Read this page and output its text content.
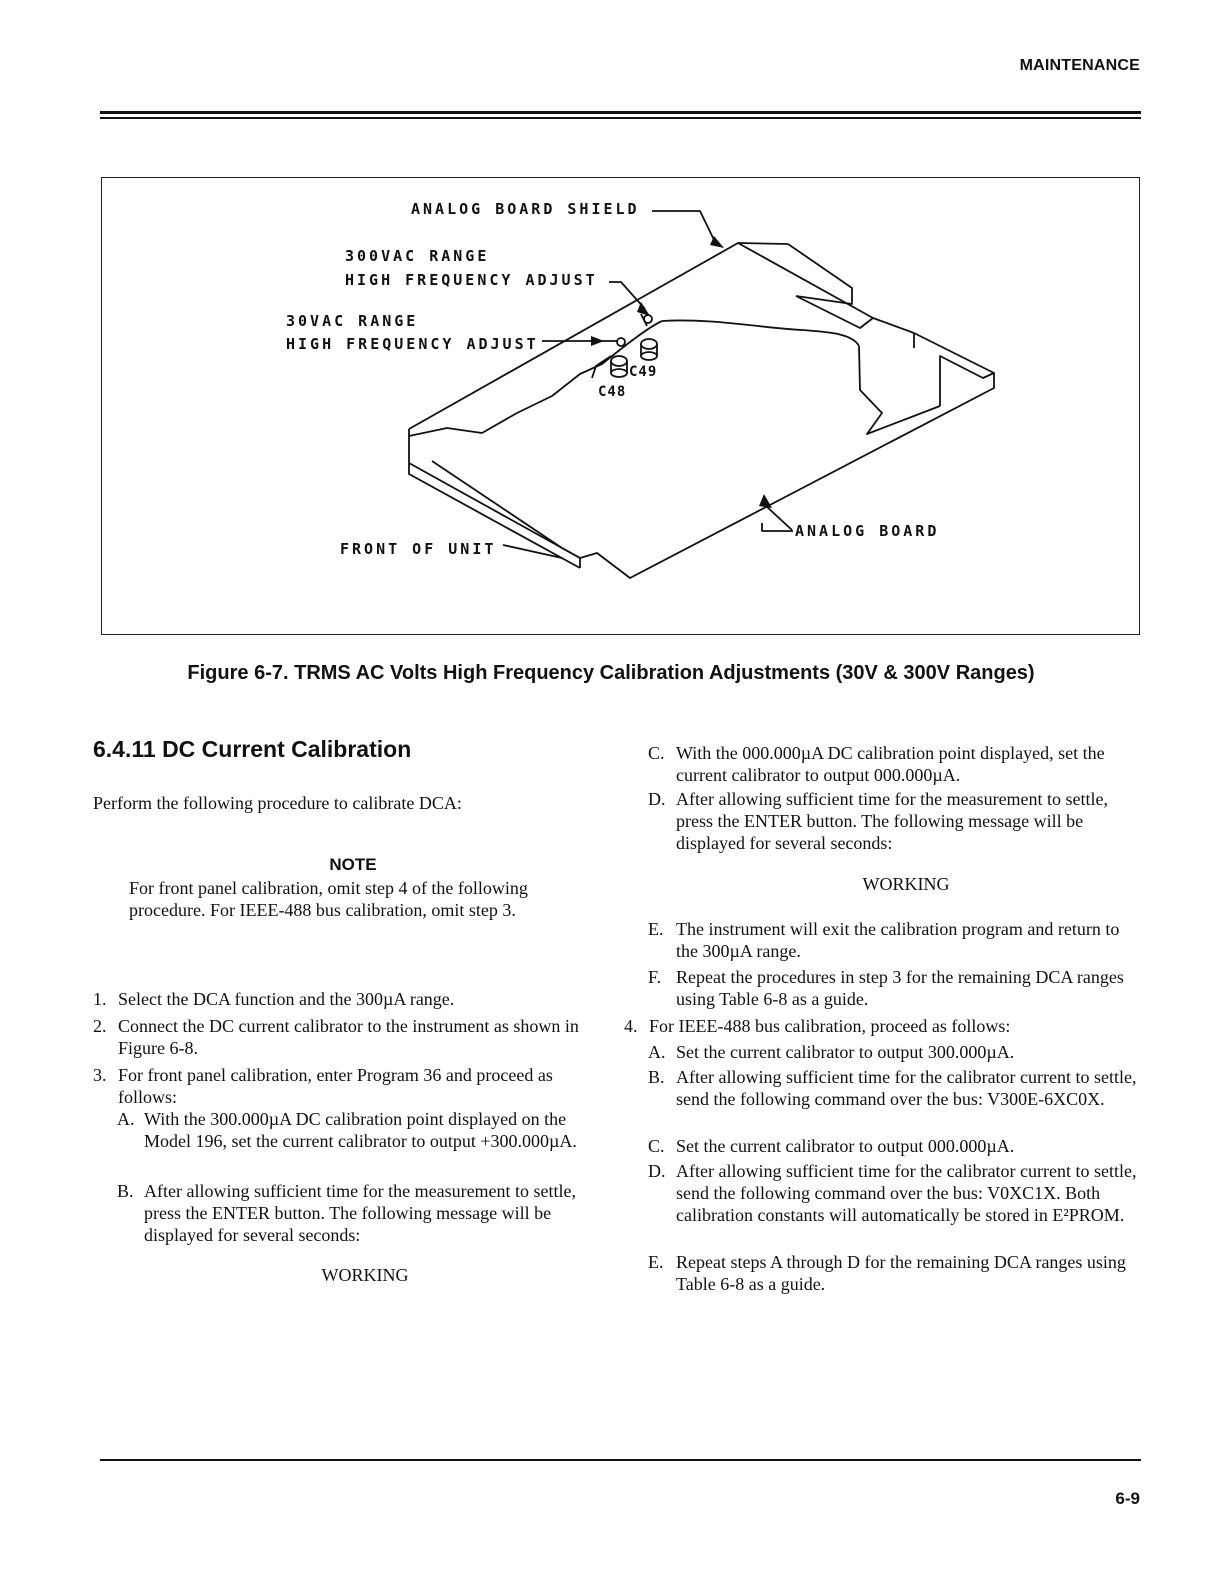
MAINTENANCE
ANALOG BOARD SHIELD
300VAC RANGE
HIGH FREQUENCY ADJUST
30VAC RANGE
HIGH FREQUENCY ADJUST
C49
C48
FRONT OF UNIT
ANALOG BOARD
Figure 6-7. TRMS AC Volts High Frequency Calibration Adjustments (30V & 300V Ranges)
6.4.11 DC Current Calibration
Perform the following procedure to calibrate DCA:
NOTE
For front panel calibration, omit step 4 of the following procedure. For IEEE-488 bus calibration, omit step 3.
1. Select the DCA function and the 300µA range.
2. Connect the DC current calibrator to the instrument as shown in Figure 6-8.
3. For front panel calibration, enter Program 36 and proceed as follows:
A. With the 300.000µA DC calibration point displayed on the Model 196, set the current calibrator to output +300.000µA.
B. After allowing sufficient time for the measurement to settle, press the ENTER button. The following message will be displayed for several seconds:
WORKING
C. With the 000.000µA DC calibration point displayed, set the current calibrator to output 000.000µA.
D. After allowing sufficient time for the measurement to settle, press the ENTER button. The following message will be displayed for several seconds:
WORKING
E. The instrument will exit the calibration program and return to the 300µA range.
F. Repeat the procedures in step 3 for the remaining DCA ranges using Table 6-8 as a guide.
4. For IEEE-488 bus calibration, proceed as follows:
A. Set the current calibrator to output 300.000µA.
B. After allowing sufficient time for the calibrator current to settle, send the following command over the bus: V300E-6XC0X.
C. Set the current calibrator to output 000.000µA.
D. After allowing sufficient time for the calibrator current to settle, send the following command over the bus: V0XC1X. Both calibration constants will automatically be stored in E²PROM.
E. Repeat steps A through D for the remaining DCA ranges using Table 6-8 as a guide.
6-9
